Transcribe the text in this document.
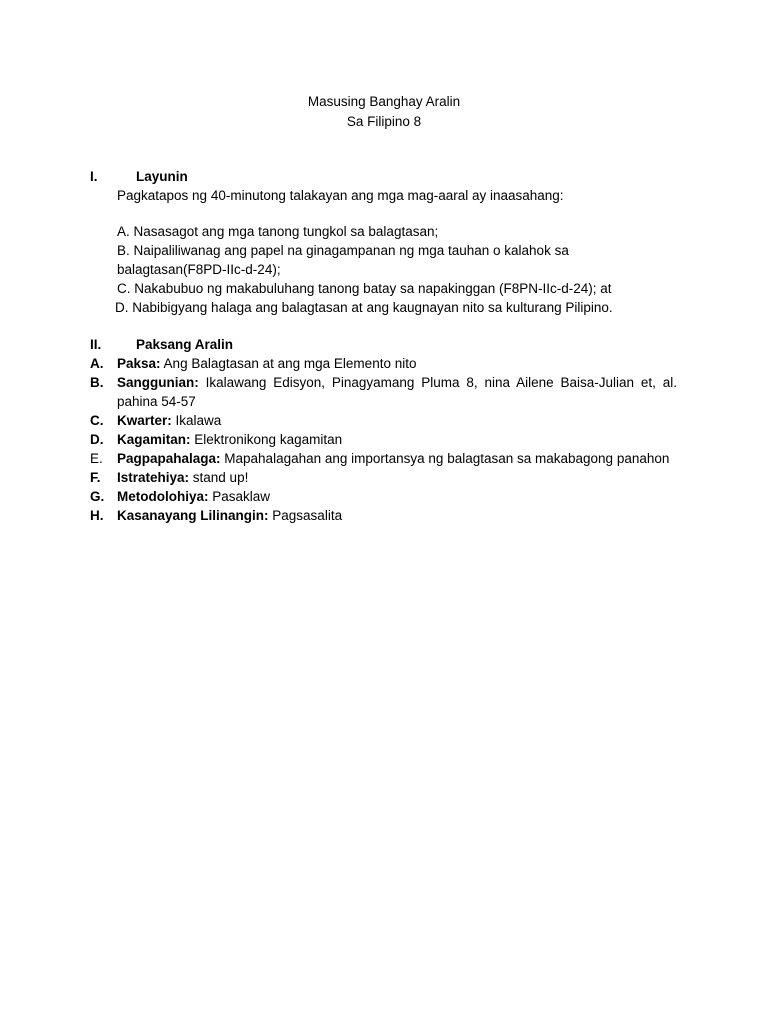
Masusing Banghay Aralin
Sa Filipino 8
I.	Layunin
Pagkatapos ng 40-minutong talakayan ang mga mag-aaral ay inaasahang:
A. Nasasagot ang mga tanong tungkol sa balagtasan;
B. Naipaliliwanag ang papel na ginagampanan ng mga tauhan o kalahok sa
balagtasan(F8PD-IIc-d-24);
C. Nakabubuo ng makabuluhang tanong batay sa napakinggan (F8PN-IIc-d-24); at
D. Nabibigyang halaga ang balagtasan at ang kaugnayan nito sa kulturang Pilipino.
II.	Paksang Aralin
A. Paksa: Ang Balagtasan at ang mga Elemento nito
B. Sanggunian: Ikalawang Edisyon, Pinagyamang Pluma 8, nina Ailene Baisa-Julian et, al. pahina 54-57
C. Kwarter: Ikalawa
D. Kagamitan: Elektronikong kagamitan
E. Pagpapahalaga: Mapahalagahan ang importansya ng balagtasan sa makabagong panahon
F. Istratehiya: stand up!
G. Metodolohiya: Pasaklaw
H. Kasanayang Lilinangin: Pagsasalita
